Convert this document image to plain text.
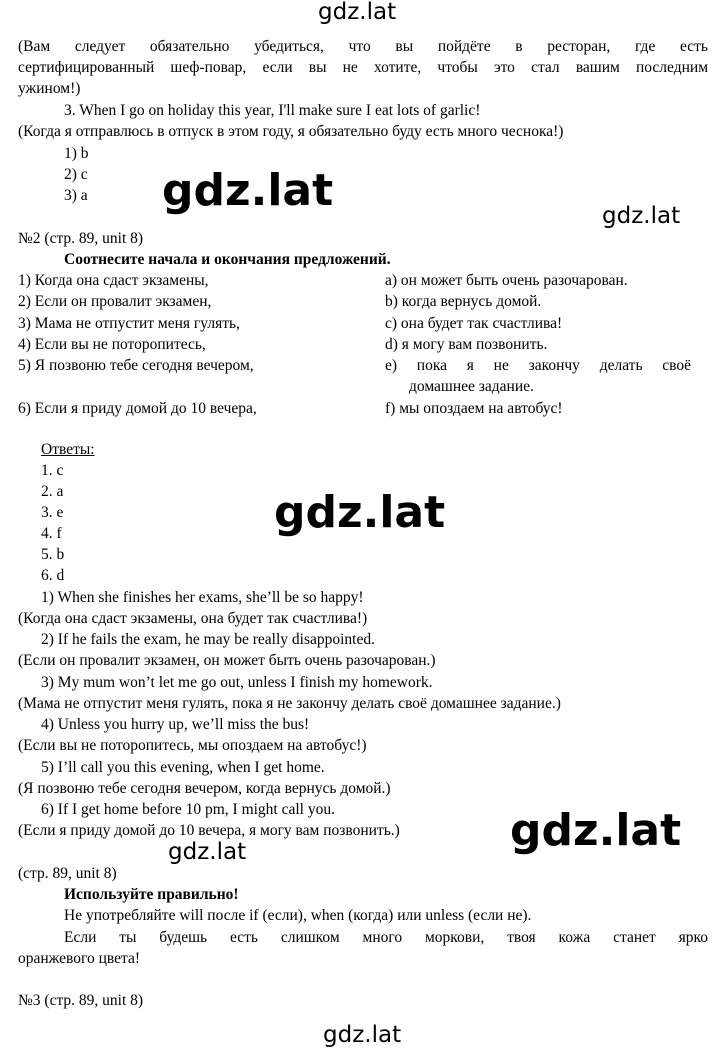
gdz.lat
gdz.lat	gdz.lat
gdz.lat
gdz.lat	gdz.lat
gdz.lat
(Вам следует обязательно убедиться, что вы пойдёте в ресторан, где есть
сертифицированный шеф-повар, если вы не хотите, чтобы это стал вашим последним
ужином!)
3. When I go on holiday this year, I'll make sure I eat lots of garlic!
(Когда я отправлюсь в отпуск в этом году, я обязательно буду есть много чеснока!)
1) b
2) c
3) a
№2 (стр. 89, unit 8)
Соотнесите начала и окончания предложений.
1) Когда она сдаст экзамены,
2) Если он провалит экзамен,
3) Мама не отпустит меня гулять,
4) Если вы не поторопитесь,
5) Я позвоню тебе сегодня вечером,
6) Если я приду домой до 10 вечера,
a) он может быть очень разочарован.
b) когда вернусь домой.
c) она будет так счастлива!
d) я могу вам позвонить.
e) пока я не закончу делать своё
домашнее задание.
f) мы опоздаем на автобус!
Ответы:
1. c
2. a
3. e
4. f
5. b
6. d
1) When she finishes her exams, she’ll be so happy!
(Когда она сдаст экзамены, она будет так счастлива!)
2) If he fails the exam, he may be really disappointed.
(Если он провалит экзамен, он может быть очень разочарован.)
3) My mum won’t let me go out, unless I finish my homework.
(Мама не отпустит меня гулять, пока я не закончу делать своё домашнее задание.)
4) Unless you hurry up, we’ll miss the bus!
(Если вы не поторопитесь, мы опоздаем на автобус!)
5) I’ll call you this evening, when I get home.
(Я позвоню тебе сегодня вечером, когда вернусь домой.)
6) If I get home before 10 pm, I might call you.
(Если я приду домой до 10 вечера, я могу вам позвонить.)
(стр. 89, unit 8)
Используйте правильно!
Не употребляйте will после if (если), when (когда) или unless (если не).
Если ты будешь есть слишком много моркови, твоя кожа станет ярко
оранжевого цвета!
№3 (стр. 89, unit 8)
